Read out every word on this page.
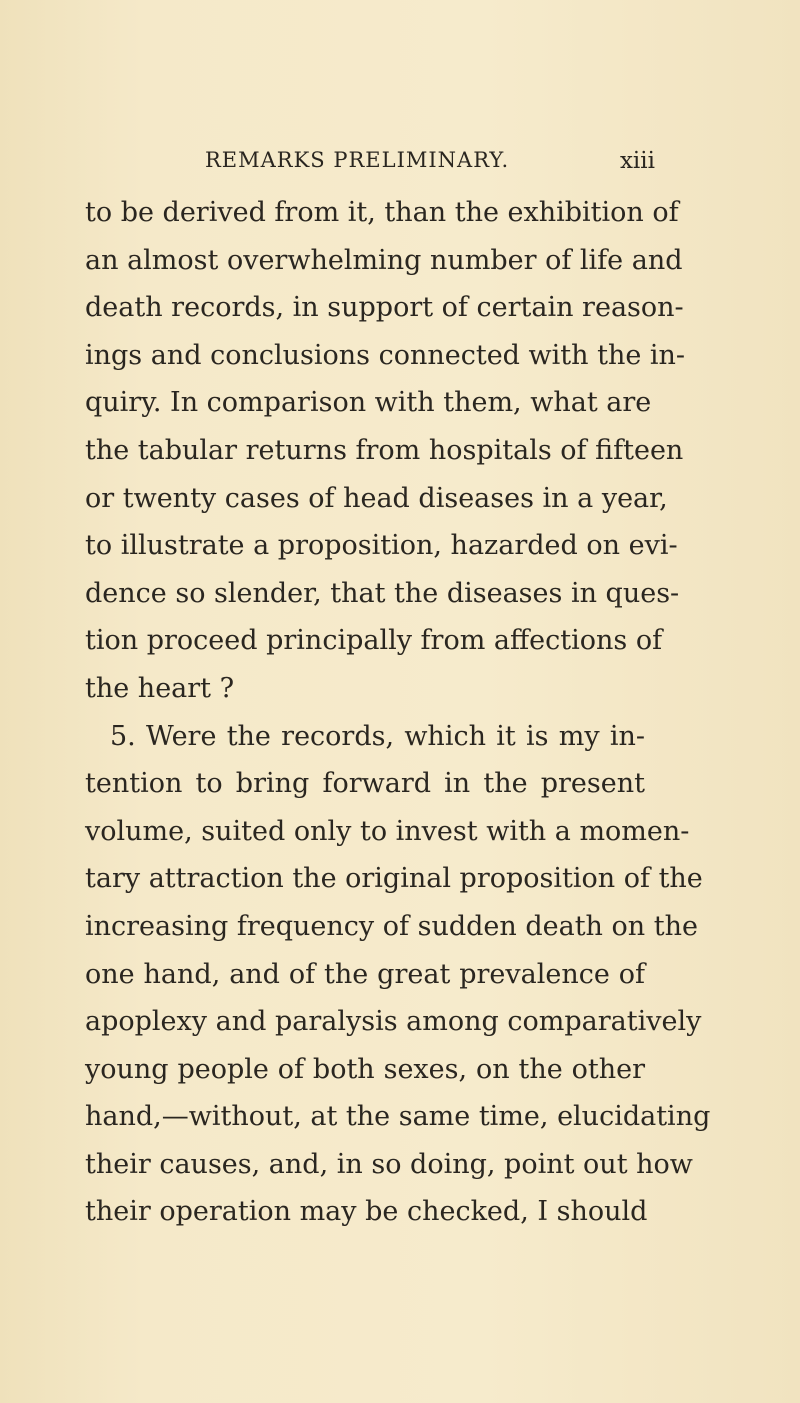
REMARKS PRELIMINARY.	xiii
to be derived from it, than the exhibition of
an almost overwhelming number of life and
death records, in support of certain reason-
ings and conclusions connected with the in-
quiry. In comparison with them, what are
the tabular returns from hospitals of fifteen
or twenty cases of head diseases in a year,
to illustrate a proposition, hazarded on evi-
dence so slender, that the diseases in ques-
tion proceed principally from affections of
the heart ?
5. Were the records, which it is my in-
tention to bring forward in the present
volume, suited only to invest with a momen-
tary attraction the original proposition of the
increasing frequency of sudden death on the
one hand, and of the great prevalence of
apoplexy and paralysis among comparatively
young people of both sexes, on the other
hand,—without, at the same time, elucidating
their causes, and, in so doing, point out how
their operation may be checked, I should
